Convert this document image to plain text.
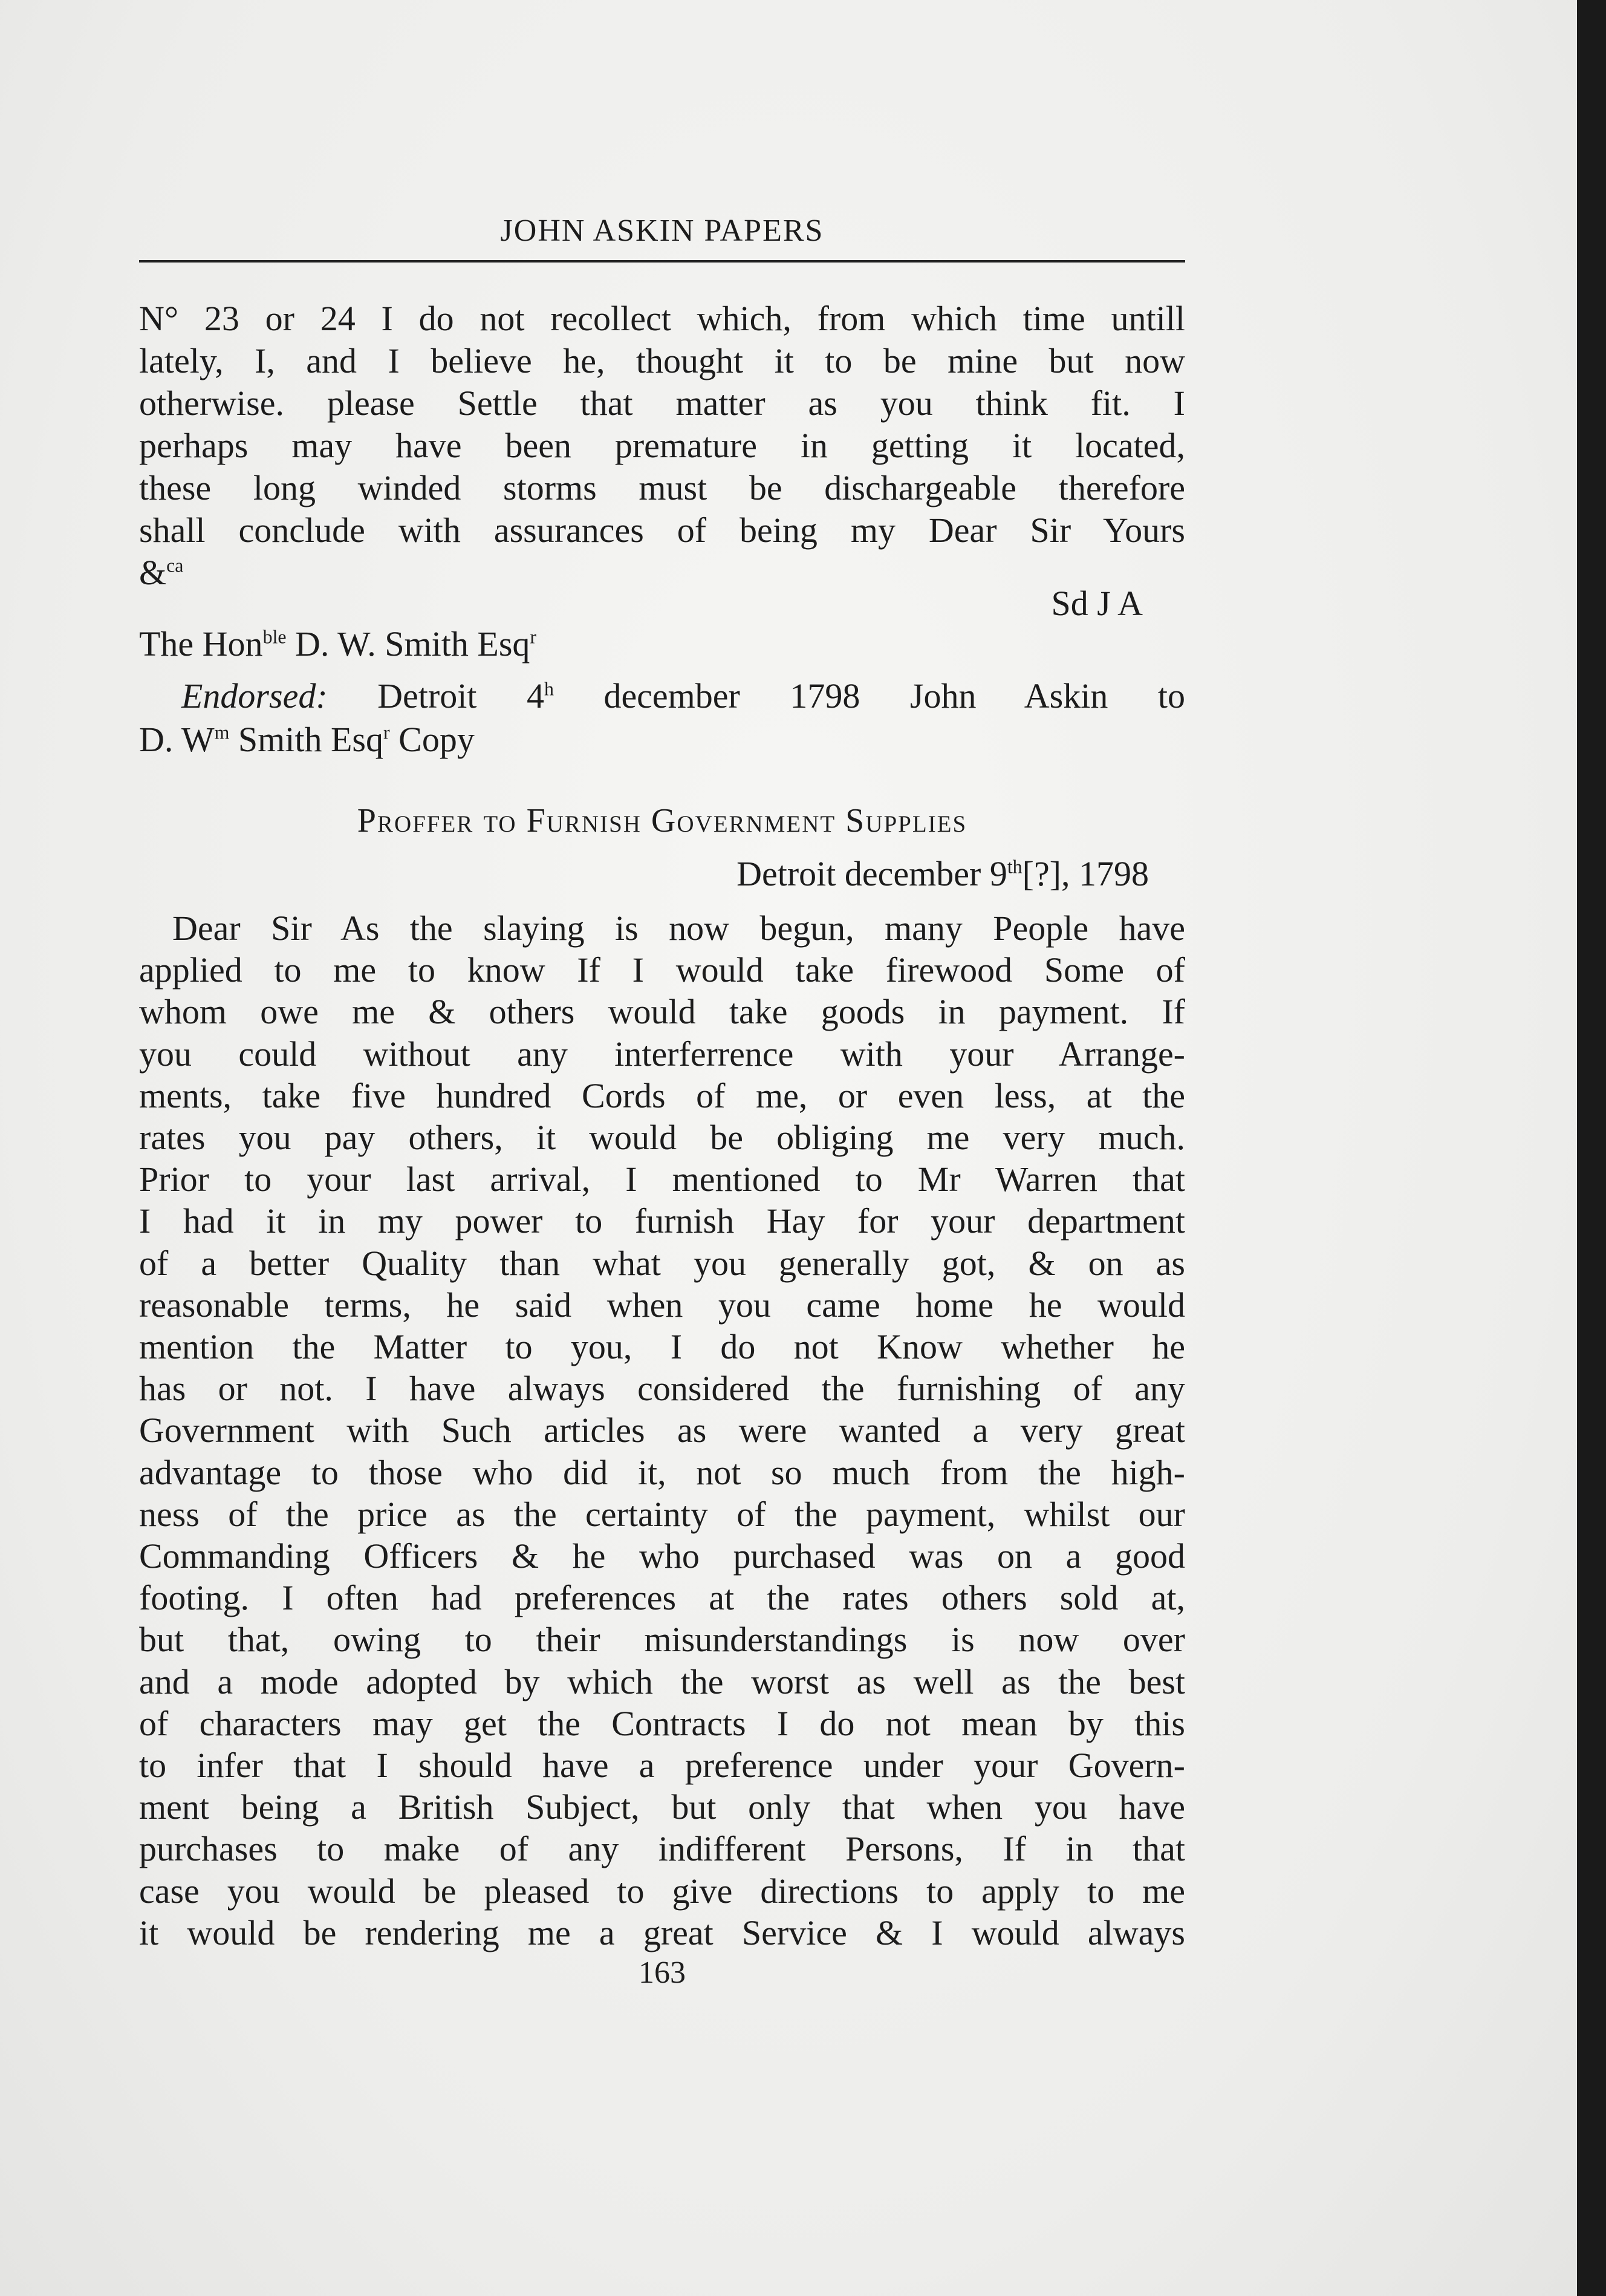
JOHN ASKIN PAPERS
N° 23 or 24 I do not recollect which, from which time untill
lately, I, and I believe he, thought it to be mine but now
otherwise. please Settle that matter as you think fit. I
perhaps may have been premature in getting it located,
these long winded storms must be dischargeable therefore
shall conclude with assurances of being my Dear Sir Yours
&$^{ca}$
Sd J A
The Hon$^{ble}$ D. W. Smith Esq$^r$
Endorsed: Detroit 4$^h$ december 1798 John Askin to
D. $W^m$ Smith Esq$^r$ Copy
Proffer to Furnish Government Supplies
Detroit december 9th[?], 1798
Dear Sir As the slaying is now begun, many People have
applied to me to know If I would take firewood Some of
whom owe me & others would take goods in payment. If
you could without any interferrence with your Arrange-
ments, take five hundred Cords of me, or even less, at the
rates you pay others, it would be obliging me very much.
Prior to your last arrival, I mentioned to Mr Warren that
I had it in my power to furnish Hay for your department
of a better Quality than what you generally got, & on as
reasonable terms, he said when you came home he would
mention the Matter to you, I do not Know whether he
has or not. I have always considered the furnishing of any
Government with Such articles as were wanted a very great
advantage to those who did it, not so much from the high-
ness of the price as the certainty of the payment, whilst our
Commanding Officers & he who purchased was on a good
footing. I often had preferences at the rates others sold at,
but that, owing to their misunderstandings is now over
and a mode adopted by which the worst as well as the best
of characters may get the Contracts I do not mean by this
to infer that I should have a preference under your Govern-
ment being a British Subject, but only that when you have
purchases to make of any indifferent Persons, If in that
case you would be pleased to give directions to apply to me
it would be rendering me a great Service & I would always
163
